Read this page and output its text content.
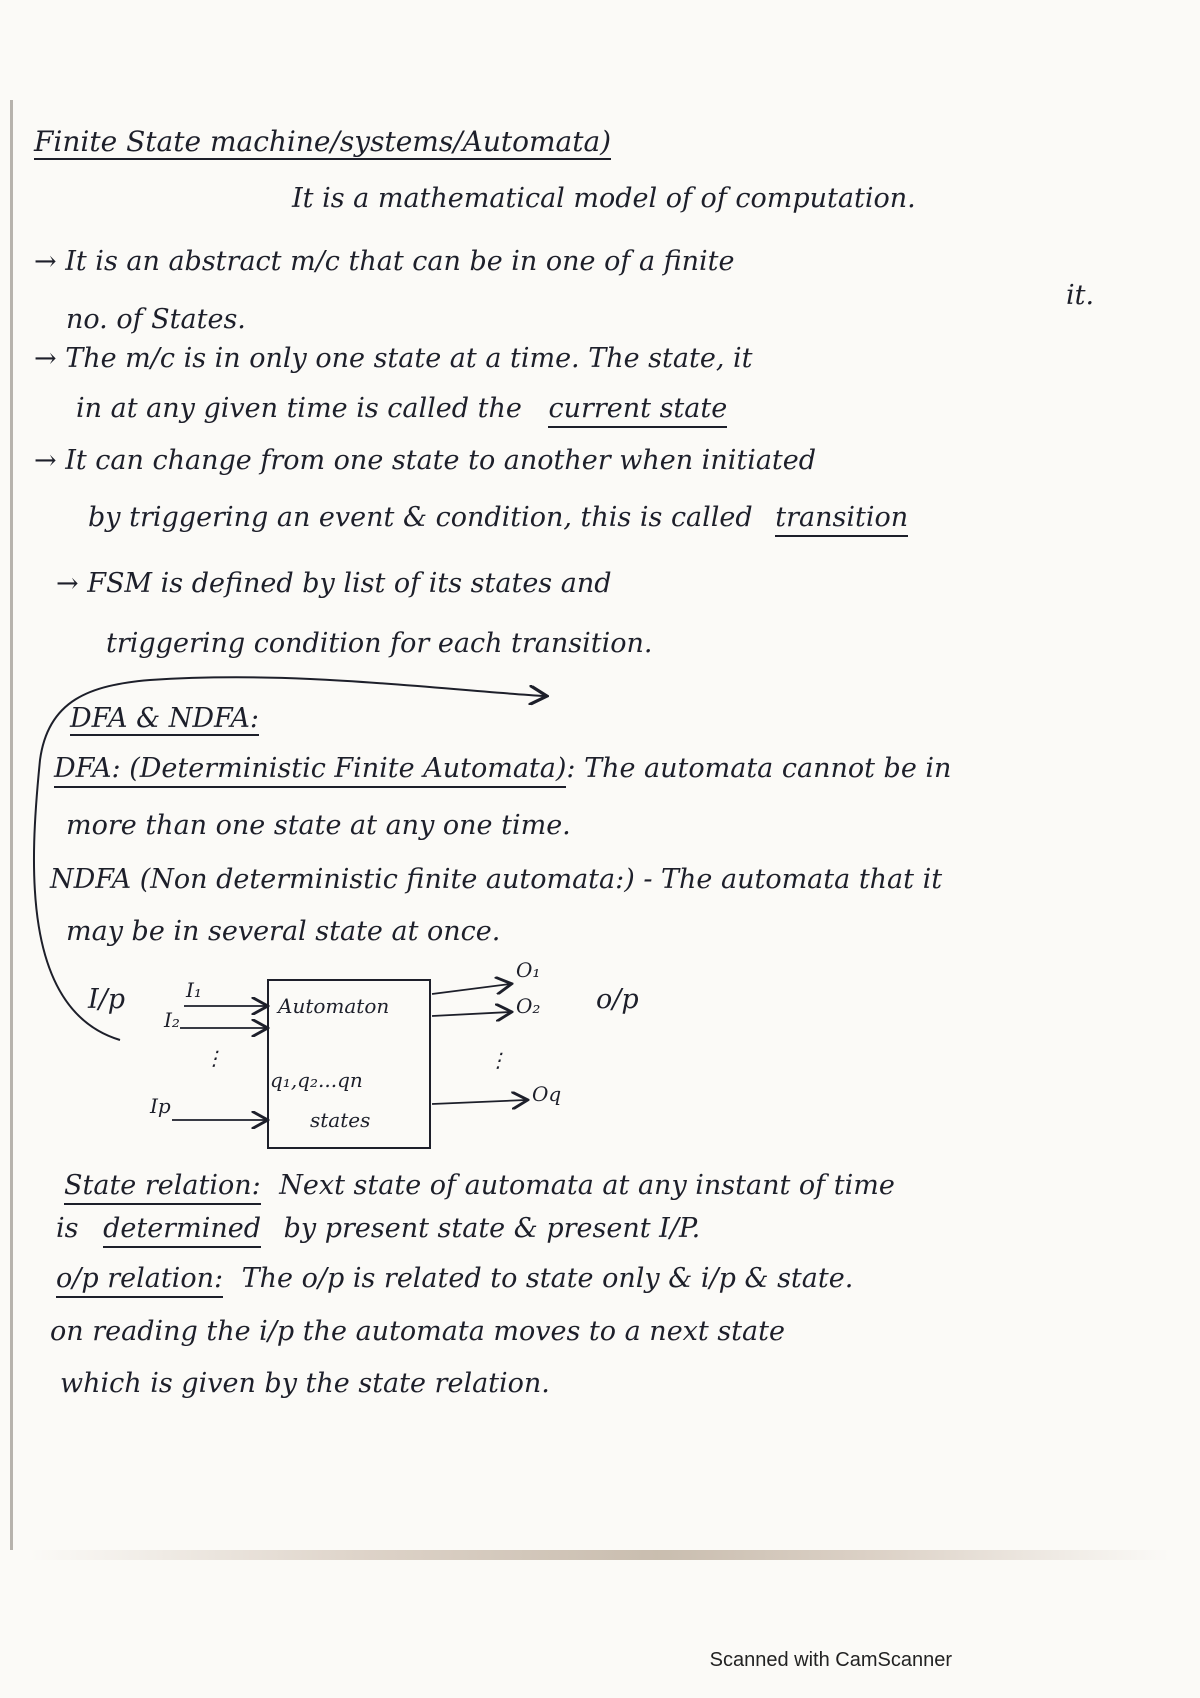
Finite State machine/systems/Automata)
It is a mathematical model of of computation.
→ It is an abstract m/c that can be in one of a finite
no. of States.
it.
→ The m/c is in only one state at a time. The state, it
in at any given time is called the current state
→ It can change from one state to another when initiated
by triggering an event & condition, this is called transition
→ FSM is defined by list of its states and
triggering condition for each transition.
DFA & NDFA:
DFA: (Deterministic Finite Automata): The automata cannot be in
more than one state at any one time.
NDFA (Non deterministic finite automata:) - The automata that it
may be in several state at once.
I/p	I₁
I₂
⋮
Ip
Automaton
q₁,q₂...qn
states
O₁
O₂
⋮
Oq
o/p
State relation: Next state of automata at any instant of time
is determined by present state & present I/P.
o/p relation: The o/p is related to state only & i/p & state.
on reading the i/p the automata moves to a next state
which is given by the state relation.
Scanned with CamScanner
